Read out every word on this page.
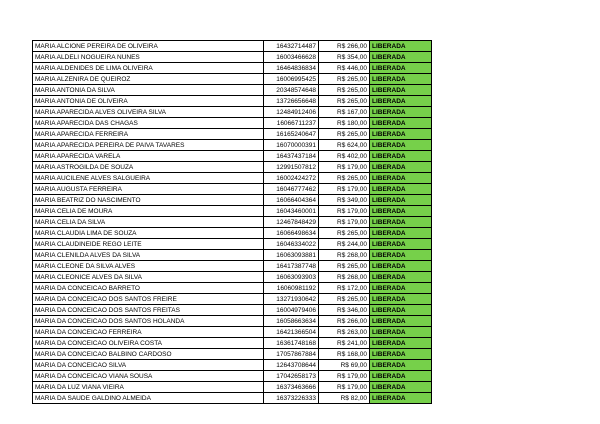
MARIA ALCIONE PEREIRA DE OLIVEIRA	16432714487	R$ 266,00	LIBERADA
MARIA ALDELI NOGUEIRA NUNES	16003466628	R$ 354,00	LIBERADA
MARIA ALDENIDES DE LIMA OLIVEIRA	16464836834	R$ 446,00	LIBERADA
MARIA ALZENIRA DE QUEIROZ	16006995425	R$ 265,00	LIBERADA
MARIA ANTONIA DA SILVA	20348574648	R$ 265,00	LIBERADA
MARIA ANTONIA DE OLIVEIRA	13726656648	R$ 265,00	LIBERADA
MARIA APARECIDA ALVES OLIVEIRA SILVA	12484912406	R$ 167,00	LIBERADA
MARIA APARECIDA DAS CHAGAS	16066711237	R$ 180,00	LIBERADA
MARIA APARECIDA FERREIRA	16165240647	R$ 265,00	LIBERADA
MARIA APARECIDA PEREIRA DE PAIVA TAVARES	16070000391	R$ 624,00	LIBERADA
MARIA APARECIDA VARELA	16437437184	R$ 402,00	LIBERADA
MARIA ASTROGILDA DE SOUZA	12991507812	R$ 179,00	LIBERADA
MARIA AUCILENE ALVES SALGUEIRA	16002424272	R$ 265,00	LIBERADA
MARIA AUGUSTA FERREIRA	16046777462	R$ 179,00	LIBERADA
MARIA BEATRIZ DO NASCIMENTO	16066404364	R$ 349,00	LIBERADA
MARIA CELIA DE MOURA	16043460001	R$ 179,00	LIBERADA
MARIA CELIA DA SILVA	12467848429	R$ 179,00	LIBERADA
MARIA CLAUDIA LIMA DE SOUZA	16066498634	R$ 265,00	LIBERADA
MARIA CLAUDINEIDE REGO LEITE	16046334022	R$ 244,00	LIBERADA
MARIA CLENILDA ALVES DA SILVA	16063093881	R$ 268,00	LIBERADA
MARIA CLEONE DA SILVA ALVES	16417387748	R$ 265,00	LIBERADA
MARIA CLEONICE ALVES DA SILVA	16063093903	R$ 268,00	LIBERADA
MARIA DA CONCEICAO BARRETO	16060981192	R$ 172,00	LIBERADA
MARIA DA CONCEICAO DOS SANTOS FREIRE	13271930642	R$ 265,00	LIBERADA
MARIA DA CONCEICAO DOS SANTOS FREITAS	16004979406	R$ 346,00	LIBERADA
MARIA DA CONCEICAO DOS SANTOS HOLANDA	16058663634	R$ 266,00	LIBERADA
MARIA DA CONCEICAO FERREIRA	16421366504	R$ 263,00	LIBERADA
MARIA DA CONCEICAO OLIVEIRA COSTA	16361748168	R$ 241,00	LIBERADA
MARIA DA CONCEICAO BALBINO CARDOSO	17057867884	R$ 168,00	LIBERADA
MARIA DA CONCEICAO SILVA	12643708644	R$ 69,00	LIBERADA
MARIA DA CONCEICAO VIANA SOUSA	17042658173	R$ 179,00	LIBERADA
MARIA DA LUZ VIANA VIEIRA	16373463666	R$ 179,00	LIBERADA
MARIA DA SAUDE GALDINO ALMEIDA	16373226333	R$ 82,00	LIBERADA
